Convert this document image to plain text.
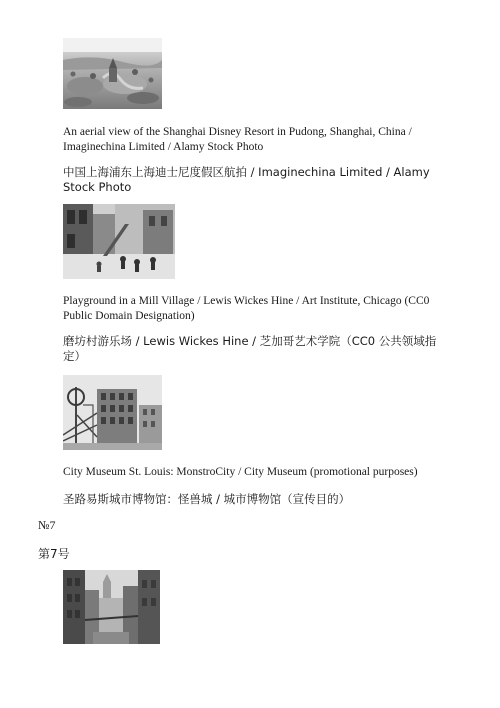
An aerial view of the Shanghai Disney Resort in Pudong, Shanghai, China / Imaginechina Limited / Alamy Stock Photo
中国上海浦东上海迪士尼度假区航拍 / Imaginechina Limited / Alamy Stock Photo
Playground in a Mill Village / Lewis Wickes Hine / Art Institute, Chicago (CC0 Public Domain Designation)
磨坊村游乐场 / Lewis Wickes Hine / 芝加哥艺术学院（CC0 公共领域指定）
City Museum St. Louis: MonstroCity / City Museum (promotional purposes)
圣路易斯城市博物馆：怪兽城 / 城市博物馆（宣传目的）
№7
第7号
